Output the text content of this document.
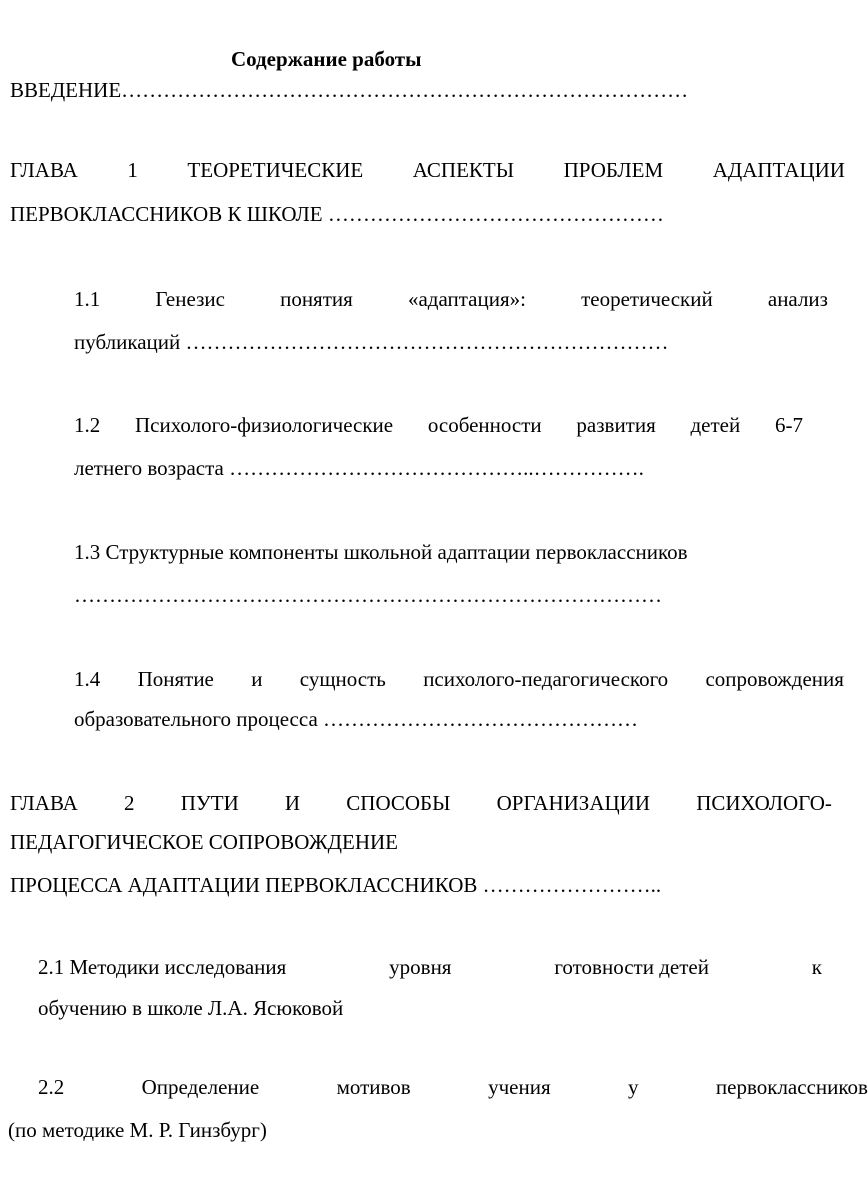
Содержание работы
ВВЕДЕНИЕ………………………………………………………………………
ГЛАВА 1 ТЕОРЕТИЧЕСКИЕ АСПЕКТЫ ПРОБЛЕМ АДАПТАЦИИ
ПЕРВОКЛАССНИКОВ К ШКОЛЕ …………………………………………
1.1	Генезис	понятия	«адаптация»:	теоретический	анализ
публикаций ……………………………………………………………
1.2 Психолого-физиологические особенности развития детей 6-7
летнего возраста ……………………………………..…………….
1.3 Структурные компоненты школьной адаптации первоклассников
…………………………………………………………………………
1.4 Понятие и сущность психолого-педагогического сопровождения
образовательного процесса ………………………………………
ГЛАВА 2 ПУТИ И СПОСОБЫ ОРГАНИЗАЦИИ ПСИХОЛОГО-
ПЕДАГОГИЧЕСКОЕ СОПРОВОЖДЕНИЕ
ПРОЦЕССА АДАПТАЦИИ ПЕРВОКЛАССНИКОВ ……………………..
2.1 Методики исследования	уровня	готовности детей	к
обучению в школе Л.А. Ясюковой
2.2	Определение	мотивов	учения	у	первоклассников
(по методике М. Р. Гинзбург)
